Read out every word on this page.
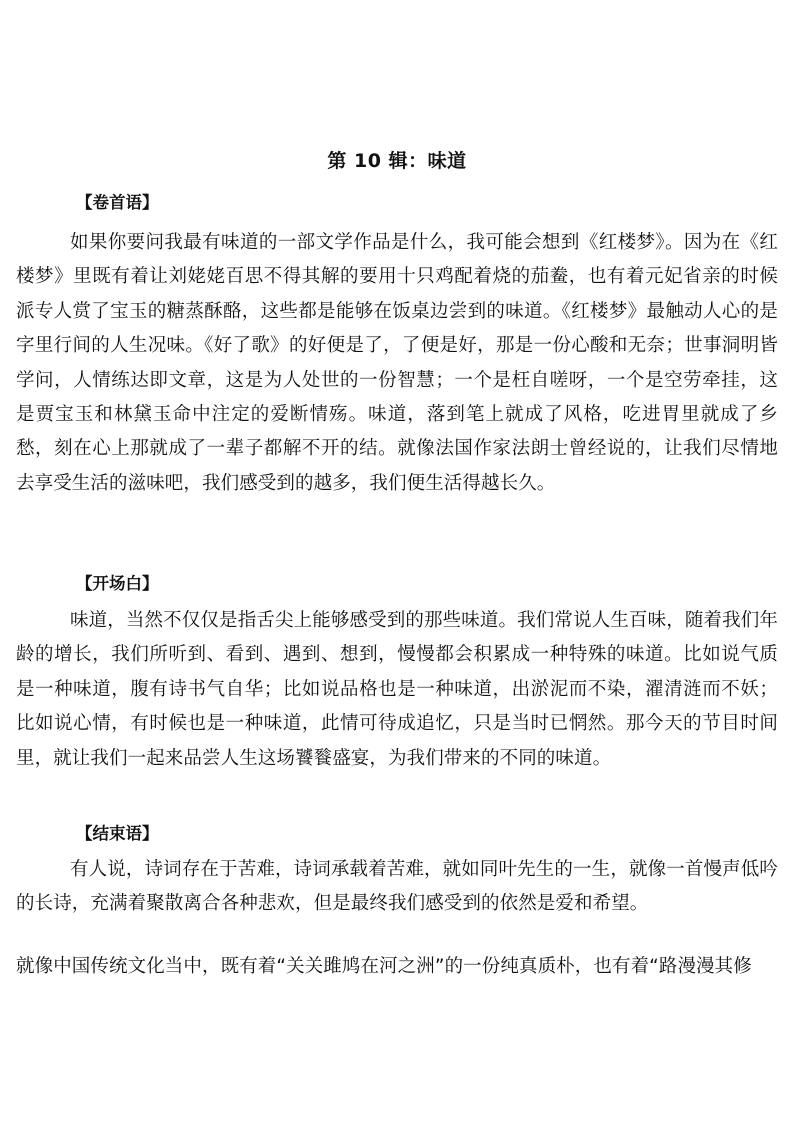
第 10 辑：味道
【卷首语】
如果你要问我最有味道的一部文学作品是什么，我可能会想到《红楼梦》。因为在《红楼梦》里既有着让刘姥姥百思不得其解的要用十只鸡配着烧的茄鲞，也有着元妃省亲的时候派专人赏了宝玉的糖蒸酥酪，这些都是能够在饭桌边尝到的味道。《红楼梦》最触动人心的是字里行间的人生况味。《好了歌》的好便是了，了便是好，那是一份心酸和无奈；世事洞明皆学问，人情练达即文章，这是为人处世的一份智慧；一个是枉自嗟呀，一个是空劳牵挂，这是贾宝玉和林黛玉命中注定的爱断情殇。味道，落到笔上就成了风格，吃进胃里就成了乡愁，刻在心上那就成了一辈子都解不开的结。就像法国作家法朗士曾经说的，让我们尽情地去享受生活的滋味吧，我们感受到的越多，我们便生活得越长久。
【开场白】
味道，当然不仅仅是指舌尖上能够感受到的那些味道。我们常说人生百味，随着我们年龄的增长，我们所听到、看到、遇到、想到，慢慢都会积累成一种特殊的味道。比如说气质是一种味道，腹有诗书气自华；比如说品格也是一种味道，出淤泥而不染，濯清涟而不妖；比如说心情，有时候也是一种味道，此情可待成追忆，只是当时已惘然。那今天的节目时间里，就让我们一起来品尝人生这场饕餮盛宴，为我们带来的不同的味道。
【结束语】
有人说，诗词存在于苦难，诗词承载着苦难，就如同叶先生的一生，就像一首慢声低吟的长诗，充满着聚散离合各种悲欢，但是最终我们感受到的依然是爱和希望。
就像中国传统文化当中，既有着“关关雎鸠在河之洲”的一份纯真质朴，也有着“路漫漫其修
